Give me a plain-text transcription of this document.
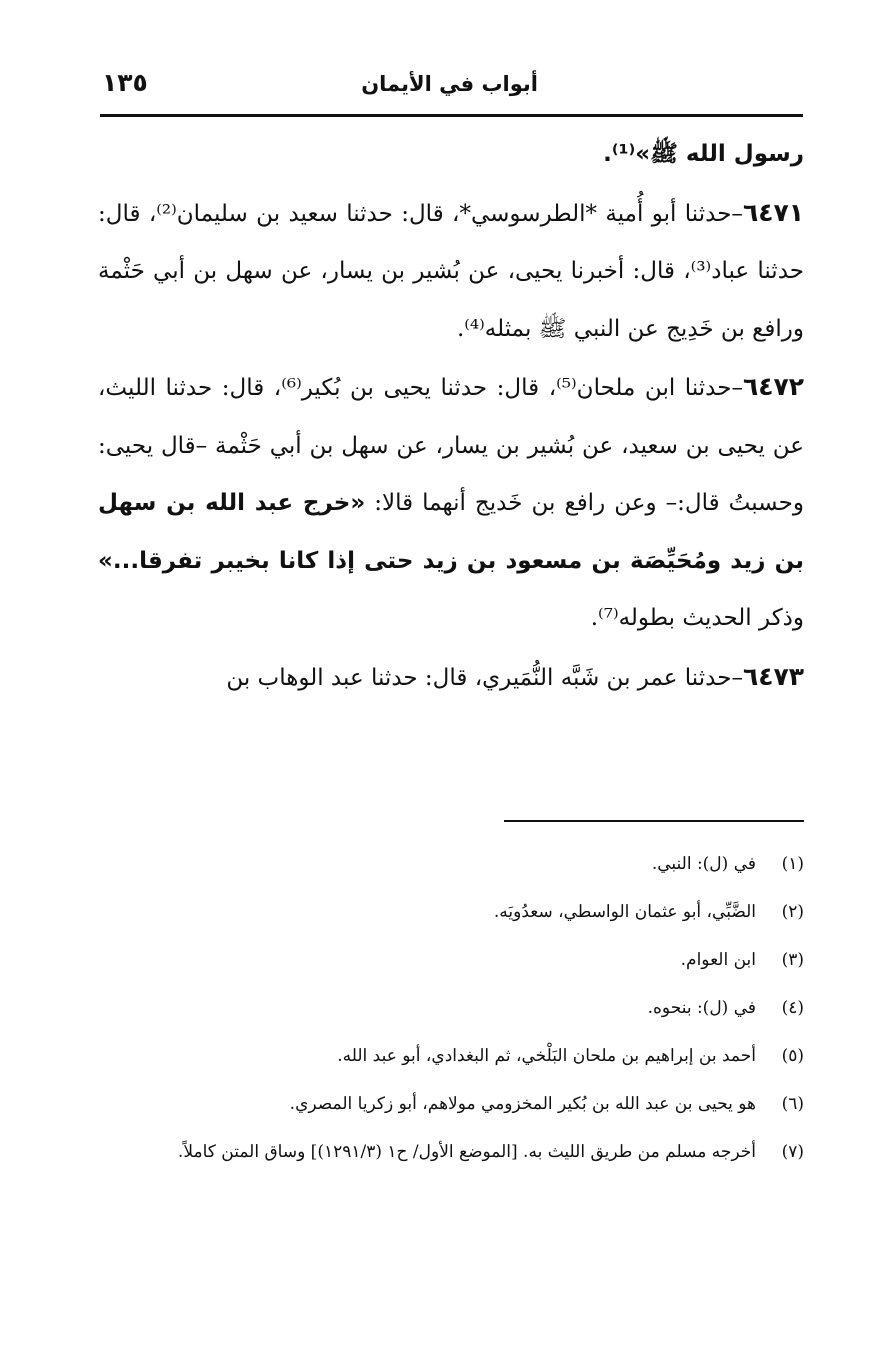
أبواب في الأيمان
١٣٥

رسول الله ﷺ»⁽¹⁾.

٦٤٧١–حدثنا أبو أُمية *الطرسوسي*، قال: حدثنا سعيد بن سليمان⁽²⁾، قال: حدثنا عباد⁽³⁾، قال: أخبرنا يحيى، عن بُشير بن يسار، عن سهل بن أبي حَثْمة ورافع بن خَدِيج عن النبي ﷺ بمثله⁽⁴⁾.

٦٤٧٢–حدثنا ابن ملحان⁽⁵⁾، قال: حدثنا يحيى بن بُكير⁽⁶⁾، قال: حدثنا الليث، عن يحيى بن سعيد، عن بُشير بن يسار، عن سهل بن أبي حَثْمة –قال يحيى: وحسبتُ قال:– وعن رافع بن خَديج أنهما قالا: «خرج عبد الله بن سهل بن زيد ومُحَيِّصَة بن مسعود بن زيد حتى إذا كانا بخيبر تفرقا...» وذكر الحديث بطوله⁽⁷⁾.

٦٤٧٣–حدثنا عمر بن شَبَّه النُّمَيري، قال: حدثنا عبد الوهاب بن

(١)
في (ل): النبي.
(٢)
الضَّبِّي، أبو عثمان الواسطي، سعدُويَه.
(٣)
ابن العوام.
(٤)
في (ل): بنحوه.
(٥)
أحمد بن إبراهيم بن ملحان البَلْخي، ثم البغدادي، أبو عبد الله.
(٦)
هو يحيى بن عبد الله بن بُكير المخزومي مولاهم، أبو زكريا المصري.
(٧)
أخرجه مسلم من طريق الليث به. [الموضع الأول/ ح١ (١٢٩١/٣)] وساق المتن كاملاً.
